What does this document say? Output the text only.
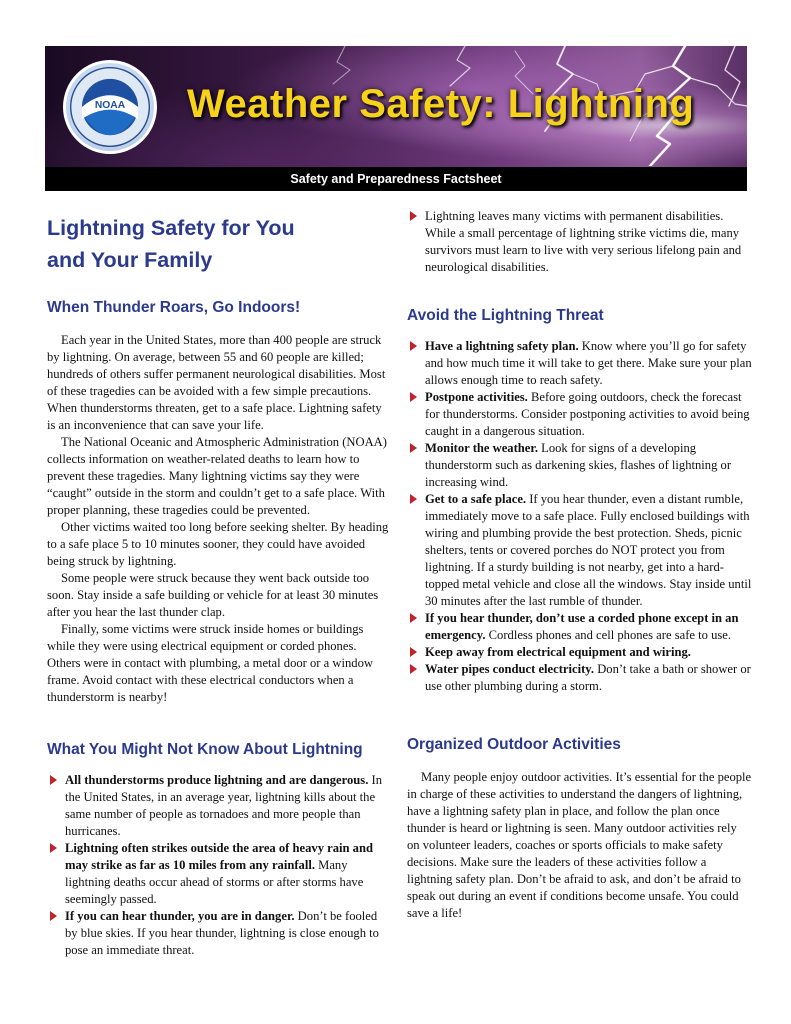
NOAA Weather Safety: Lightning
Safety and Preparedness Factsheet
Lightning Safety for You
and Your Family
When Thunder Roars, Go Indoors!

Each year in the United States, more than 400 people are struck by lightning. On average, between 55 and 60 people are killed; hundreds of others suffer permanent neurological disabilities. Most of these tragedies can be avoided with a few simple precautions. When thunderstorms threaten, get to a safe place. Lightning safety is an inconvenience that can save your life.

The National Oceanic and Atmospheric Administration (NOAA) collects information on weather-related deaths to learn how to prevent these tragedies. Many lightning victims say they were “caught” outside in the storm and couldn’t get to a safe place. With proper planning, these tragedies could be prevented.

Other victims waited too long before seeking shelter. By heading to a safe place 5 to 10 minutes sooner, they could have avoided being struck by lightning.

Some people were struck because they went back outside too soon. Stay inside a safe building or vehicle for at least 30 minutes after you hear the last thunder clap.

Finally, some victims were struck inside homes or buildings while they were using electrical equipment or corded phones. Others were in contact with plumbing, a metal door or a window frame. Avoid contact with these electrical conductors when a thunderstorm is nearby!

What You Might Not Know About Lightning
All thunderstorms produce lightning and are dangerous. In the United States, in an average year, lightning kills about the same number of people as tornadoes and more people than hurricanes.
Lightning often strikes outside the area of heavy rain and may strike as far as 10 miles from any rainfall. Many lightning deaths occur ahead of storms or after storms have seemingly passed.
If you can hear thunder, you are in danger. Don’t be fooled by blue skies. If you hear thunder, lightning is close enough to pose an immediate threat.
Lightning leaves many victims with permanent disabilities. While a small percentage of lightning strike victims die, many survivors must learn to live with very serious lifelong pain and neurological disabilities.
Avoid the Lightning Threat
Have a lightning safety plan. Know where you’ll go for safety and how much time it will take to get there. Make sure your plan allows enough time to reach safety.
Postpone activities. Before going outdoors, check the forecast for thunderstorms. Consider postponing activities to avoid being caught in a dangerous situation.
Monitor the weather. Look for signs of a developing thunderstorm such as darkening skies, flashes of lightning or increasing wind.
Get to a safe place. If you hear thunder, even a distant rumble, immediately move to a safe place. Fully enclosed buildings with wiring and plumbing provide the best protection. Sheds, picnic shelters, tents or covered porches do NOT protect you from lightning. If a sturdy building is not nearby, get into a hard-topped metal vehicle and close all the windows. Stay inside until 30 minutes after the last rumble of thunder.
If you hear thunder, don’t use a corded phone except in an emergency. Cordless phones and cell phones are safe to use.
Keep away from electrical equipment and wiring.
Water pipes conduct electricity. Don’t take a bath or shower or use other plumbing during a storm.
Organized Outdoor Activities

Many people enjoy outdoor activities. It’s essential for the people in charge of these activities to understand the dangers of lightning, have a lightning safety plan in place, and follow the plan once thunder is heard or lightning is seen. Many outdoor activities rely on volunteer leaders, coaches or sports officials to make safety decisions. Make sure the leaders of these activities follow a lightning safety plan. Don’t be afraid to ask, and don’t be afraid to speak out during an event if conditions become unsafe. You could save a life!
